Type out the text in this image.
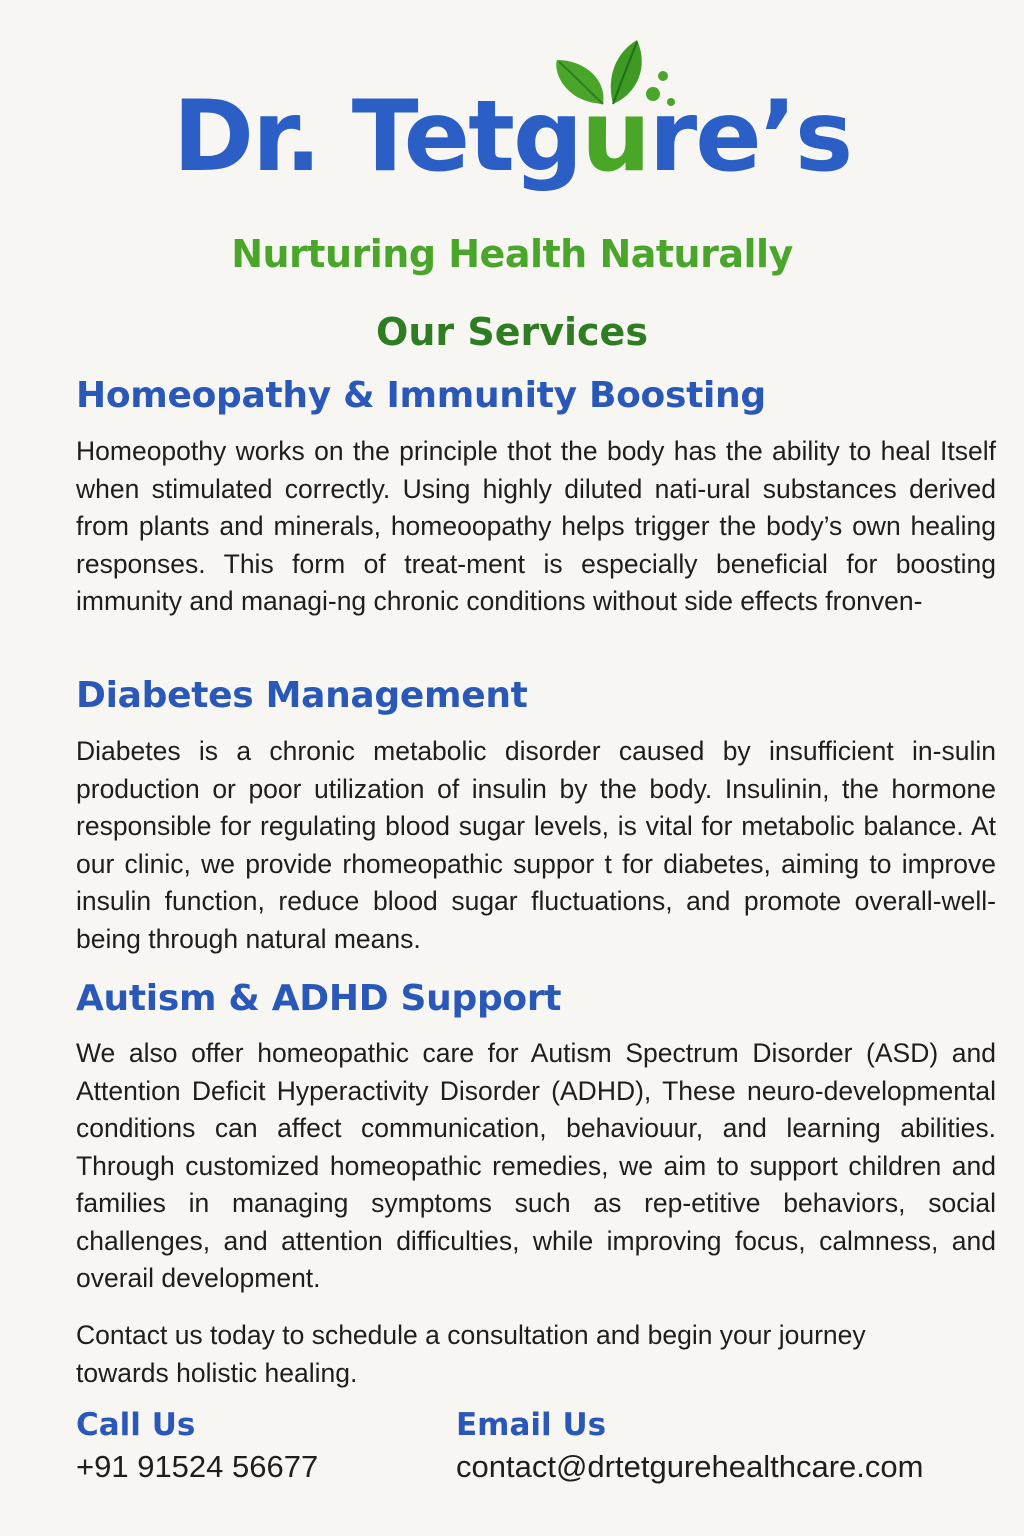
Dr. Tetgure’s
Nurturing Health Naturally
Our Services
Homeopathy & Immunity Boosting
Homeopothy works on the principle thot the body has the ability to heal Itself when stimulated correctly. Using highly diluted nati-ural substances derived from plants and minerals, homeoopathy helps trigger the body’s own healing responses. This form of treat-ment is especially beneficial for boosting immunity and managi-ng chronic conditions without side effects fronven-
Diabetes Management
Diabetes is a chronic metabolic disorder caused by insufficient in-sulin production or poor utilization of insulin by the body. Insulinin, the hormone responsible for regulating blood sugar levels, is vital for metabolic balance. At our clinic, we provide rhomeopathic suppor t for diabetes, aiming to improve insulin function, reduce blood sugar fluctuations, and promote overall-well-being through natural means.
Autism & ADHD Support
We also offer homeopathic care for Autism Spectrum Disorder (ASD) and Attention Deficit Hyperactivity Disorder (ADHD), These neuro-developmental conditions can affect communication, behaviouur, and learning abilities. Through customized homeopathic remedies, we aim to support children and families in managing symptoms such as rep-etitive behaviors, social challenges, and attention difficulties, while improving focus, calmness, and overail development.
Contact us today to schedule a consultation and begin your journey towards holistic healing.
Call Us
+91 91524 56677
Email Us
contact@drtetgurehealthcare.com
